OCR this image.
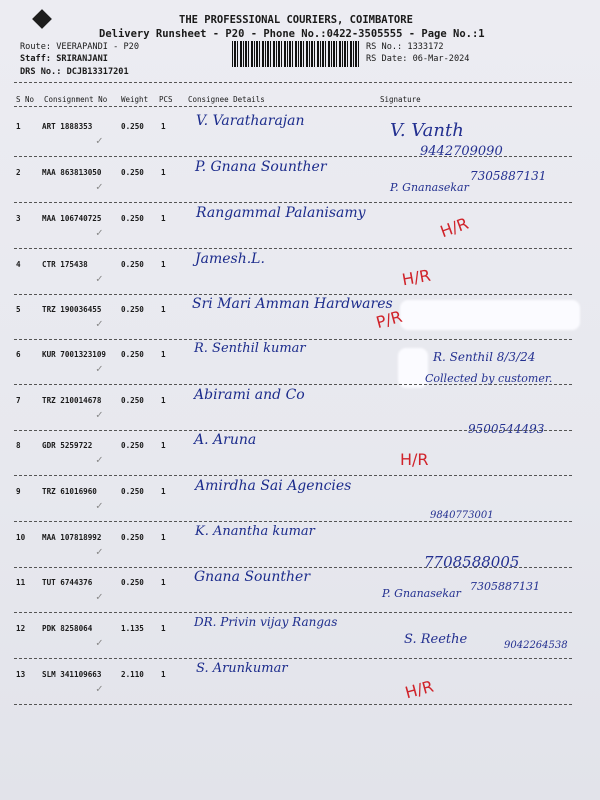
THE PROFESSIONAL COURIERS, COIMBATORE
Delivery Runsheet - P20 - Phone No.:0422-3505555 - Page No.:1
Route: VEERAPANDI - P20
Staff: SRIRANJANI
DRS No.: DCJB13317201
RS No.: 1333172
RS Date: 06-Mar-2024
S No Consignment No Weight PCS Consignee Details	Signature
1	ART 1888353	0.250 1 V. Varatharajan
✓	V. Vanth
9442709090
2	MAA 863813050	0.250 1 P. Gnana Sounther
✓	P. Gnanasekar
7305887131
3	MAA 106740725	0.250 1 Rangammal Palanisamy
✓	H/R
4	CTR 175438	0.250 1 Jamesh.L.
✓	H/R
5	TRZ 190036455	0.250 1 Sri Mari Amman Hardwares
✓	P/R
6	KUR 7001323109 0.250 1 R. Senthil kumar
✓
R. Senthil 8/3/24
Collected by customer.
7	TRZ 210014678	0.250 1 Abirami and Co
✓
9500544493
8	GDR 5259722	0.250 1 A. Aruna
✓	H/R
9	TRZ 61016960	0.250 1 Amirdha Sai Agencies
✓
9840773001
10 MAA 107818992	0.250 1 K. Anantha kumar
✓
7708588005
11 TUT 6744376	0.250 1 Gnana Sounther
✓	P. Gnanasekar
7305887131
12 PDK 8258064	1.135 1 DR. Privin vijay Rangas
✓	S. Reethe	9042264538
13 SLM 341109663	2.110 1 S. Arunkumar
✓	H/R
